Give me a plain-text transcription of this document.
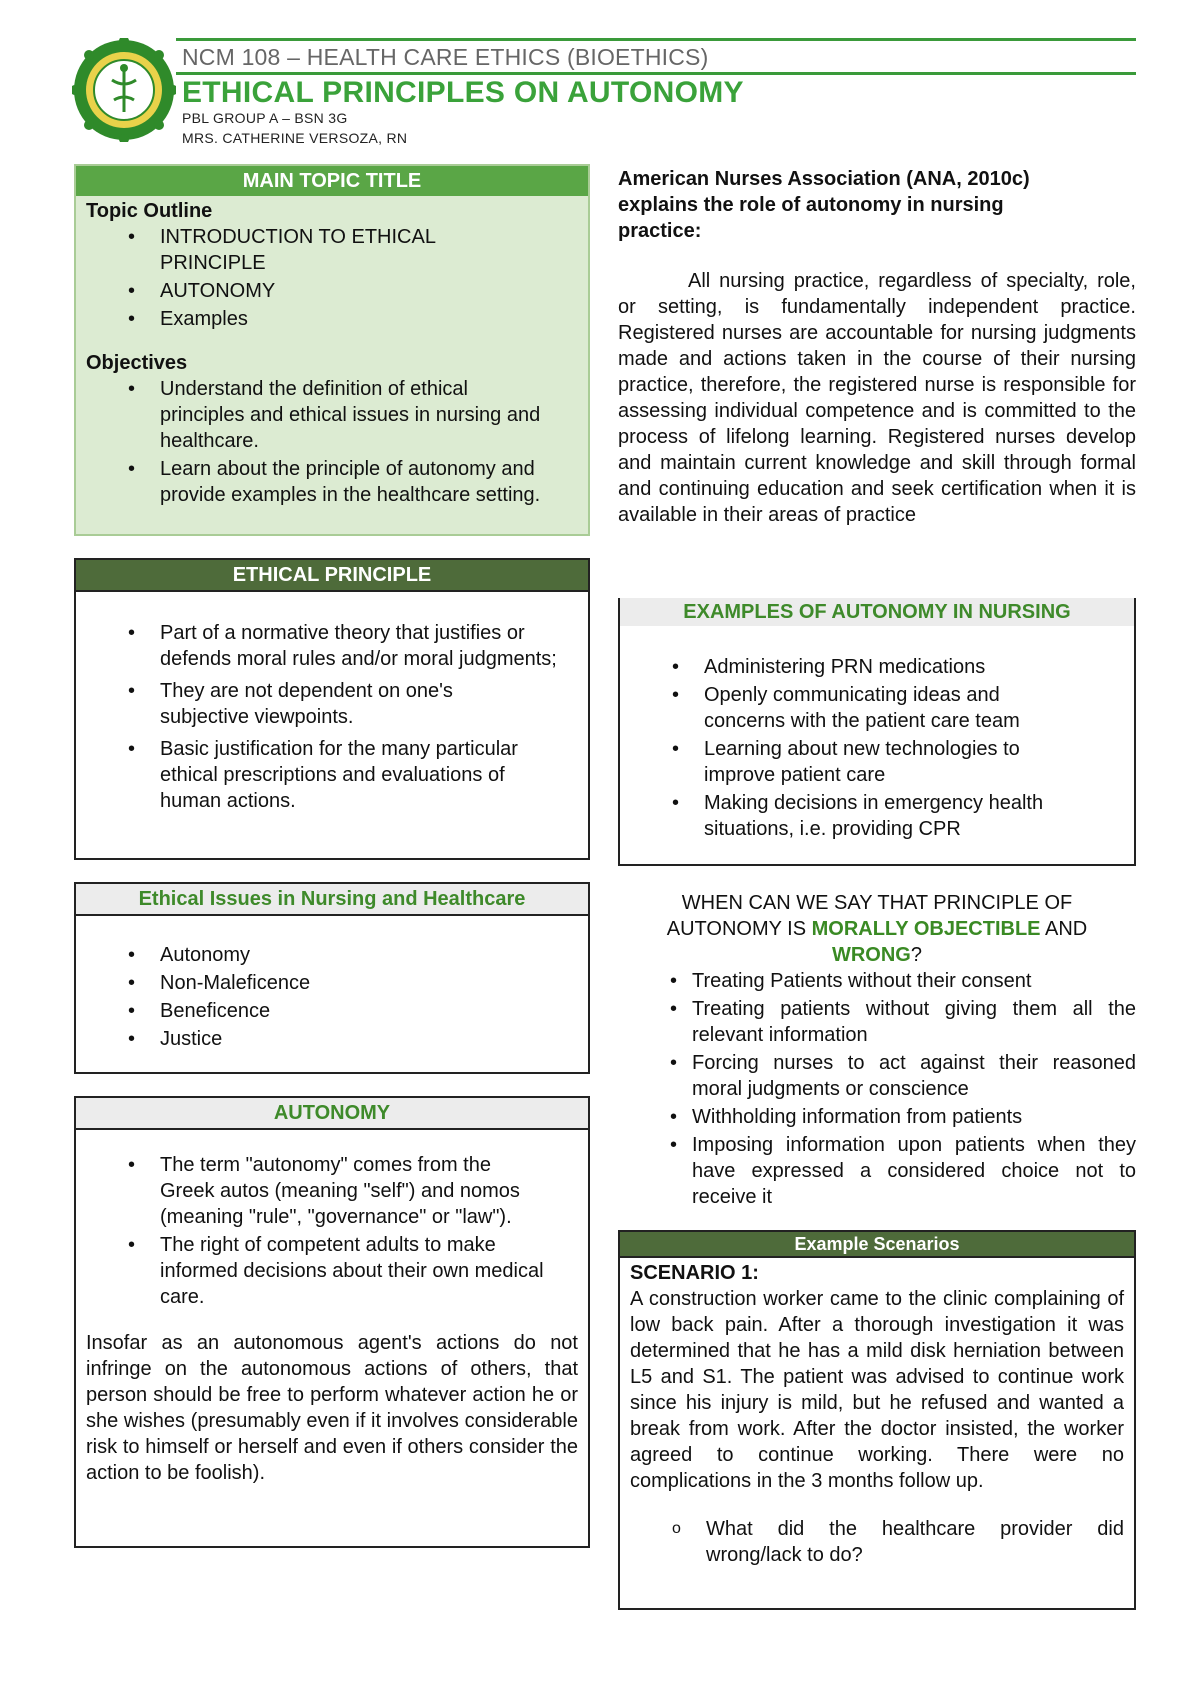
NCM 108 – HEALTH CARE ETHICS (BIOETHICS)
ETHICAL PRINCIPLES ON AUTONOMY
PBL GROUP A – BSN 3G
MRS. CATHERINE VERSOZA, RN
MAIN TOPIC TITLE
Topic Outline
• INTRODUCTION TO ETHICAL PRINCIPLE
• AUTONOMY
• Examples
Objectives
• Understand the definition of ethical principles and ethical issues in nursing and healthcare.
• Learn about the principle of autonomy and provide examples in the healthcare setting.
ETHICAL PRINCIPLE
• Part of a normative theory that justifies or defends moral rules and/or moral judgments;
• They are not dependent on one's subjective viewpoints.
• Basic justification for the many particular ethical prescriptions and evaluations of human actions.
Ethical Issues in Nursing and Healthcare
• Autonomy
• Non-Maleficence
• Beneficence
• Justice
AUTONOMY
• The term "autonomy" comes from the Greek autos (meaning "self") and nomos (meaning "rule", "governance" or "law").
• The right of competent adults to make informed decisions about their own medical care.
Insofar as an autonomous agent's actions do not infringe on the autonomous actions of others, that person should be free to perform whatever action he or she wishes (presumably even if it involves considerable risk to himself or herself and even if others consider the action to be foolish).
American Nurses Association (ANA, 2010c) explains the role of autonomy in nursing practice:
All nursing practice, regardless of specialty, role, or setting, is fundamentally independent practice. Registered nurses are accountable for nursing judgments made and actions taken in the course of their nursing practice, therefore, the registered nurse is responsible for assessing individual competence and is committed to the process of lifelong learning. Registered nurses develop and maintain current knowledge and skill through formal and continuing education and seek certification when it is available in their areas of practice
EXAMPLES OF AUTONOMY IN NURSING
• Administering PRN medications
• Openly communicating ideas and concerns with the patient care team
• Learning about new technologies to improve patient care
• Making decisions in emergency health situations, i.e. providing CPR
WHEN CAN WE SAY THAT PRINCIPLE OF AUTONOMY IS MORALLY OBJECTIBLE AND WRONG?
• Treating Patients without their consent
• Treating patients without giving them all the relevant information
• Forcing nurses to act against their reasoned moral judgments or conscience
• Withholding information from patients
• Imposing information upon patients when they have expressed a considered choice not to receive it
Example Scenarios
SCENARIO 1:
A construction worker came to the clinic complaining of low back pain. After a thorough investigation it was determined that he has a mild disk herniation between L5 and S1. The patient was advised to continue work since his injury is mild, but he refused and wanted a break from work. After the doctor insisted, the worker agreed to continue working. There were no complications in the 3 months follow up.
o What did the healthcare provider did wrong/lack to do?
